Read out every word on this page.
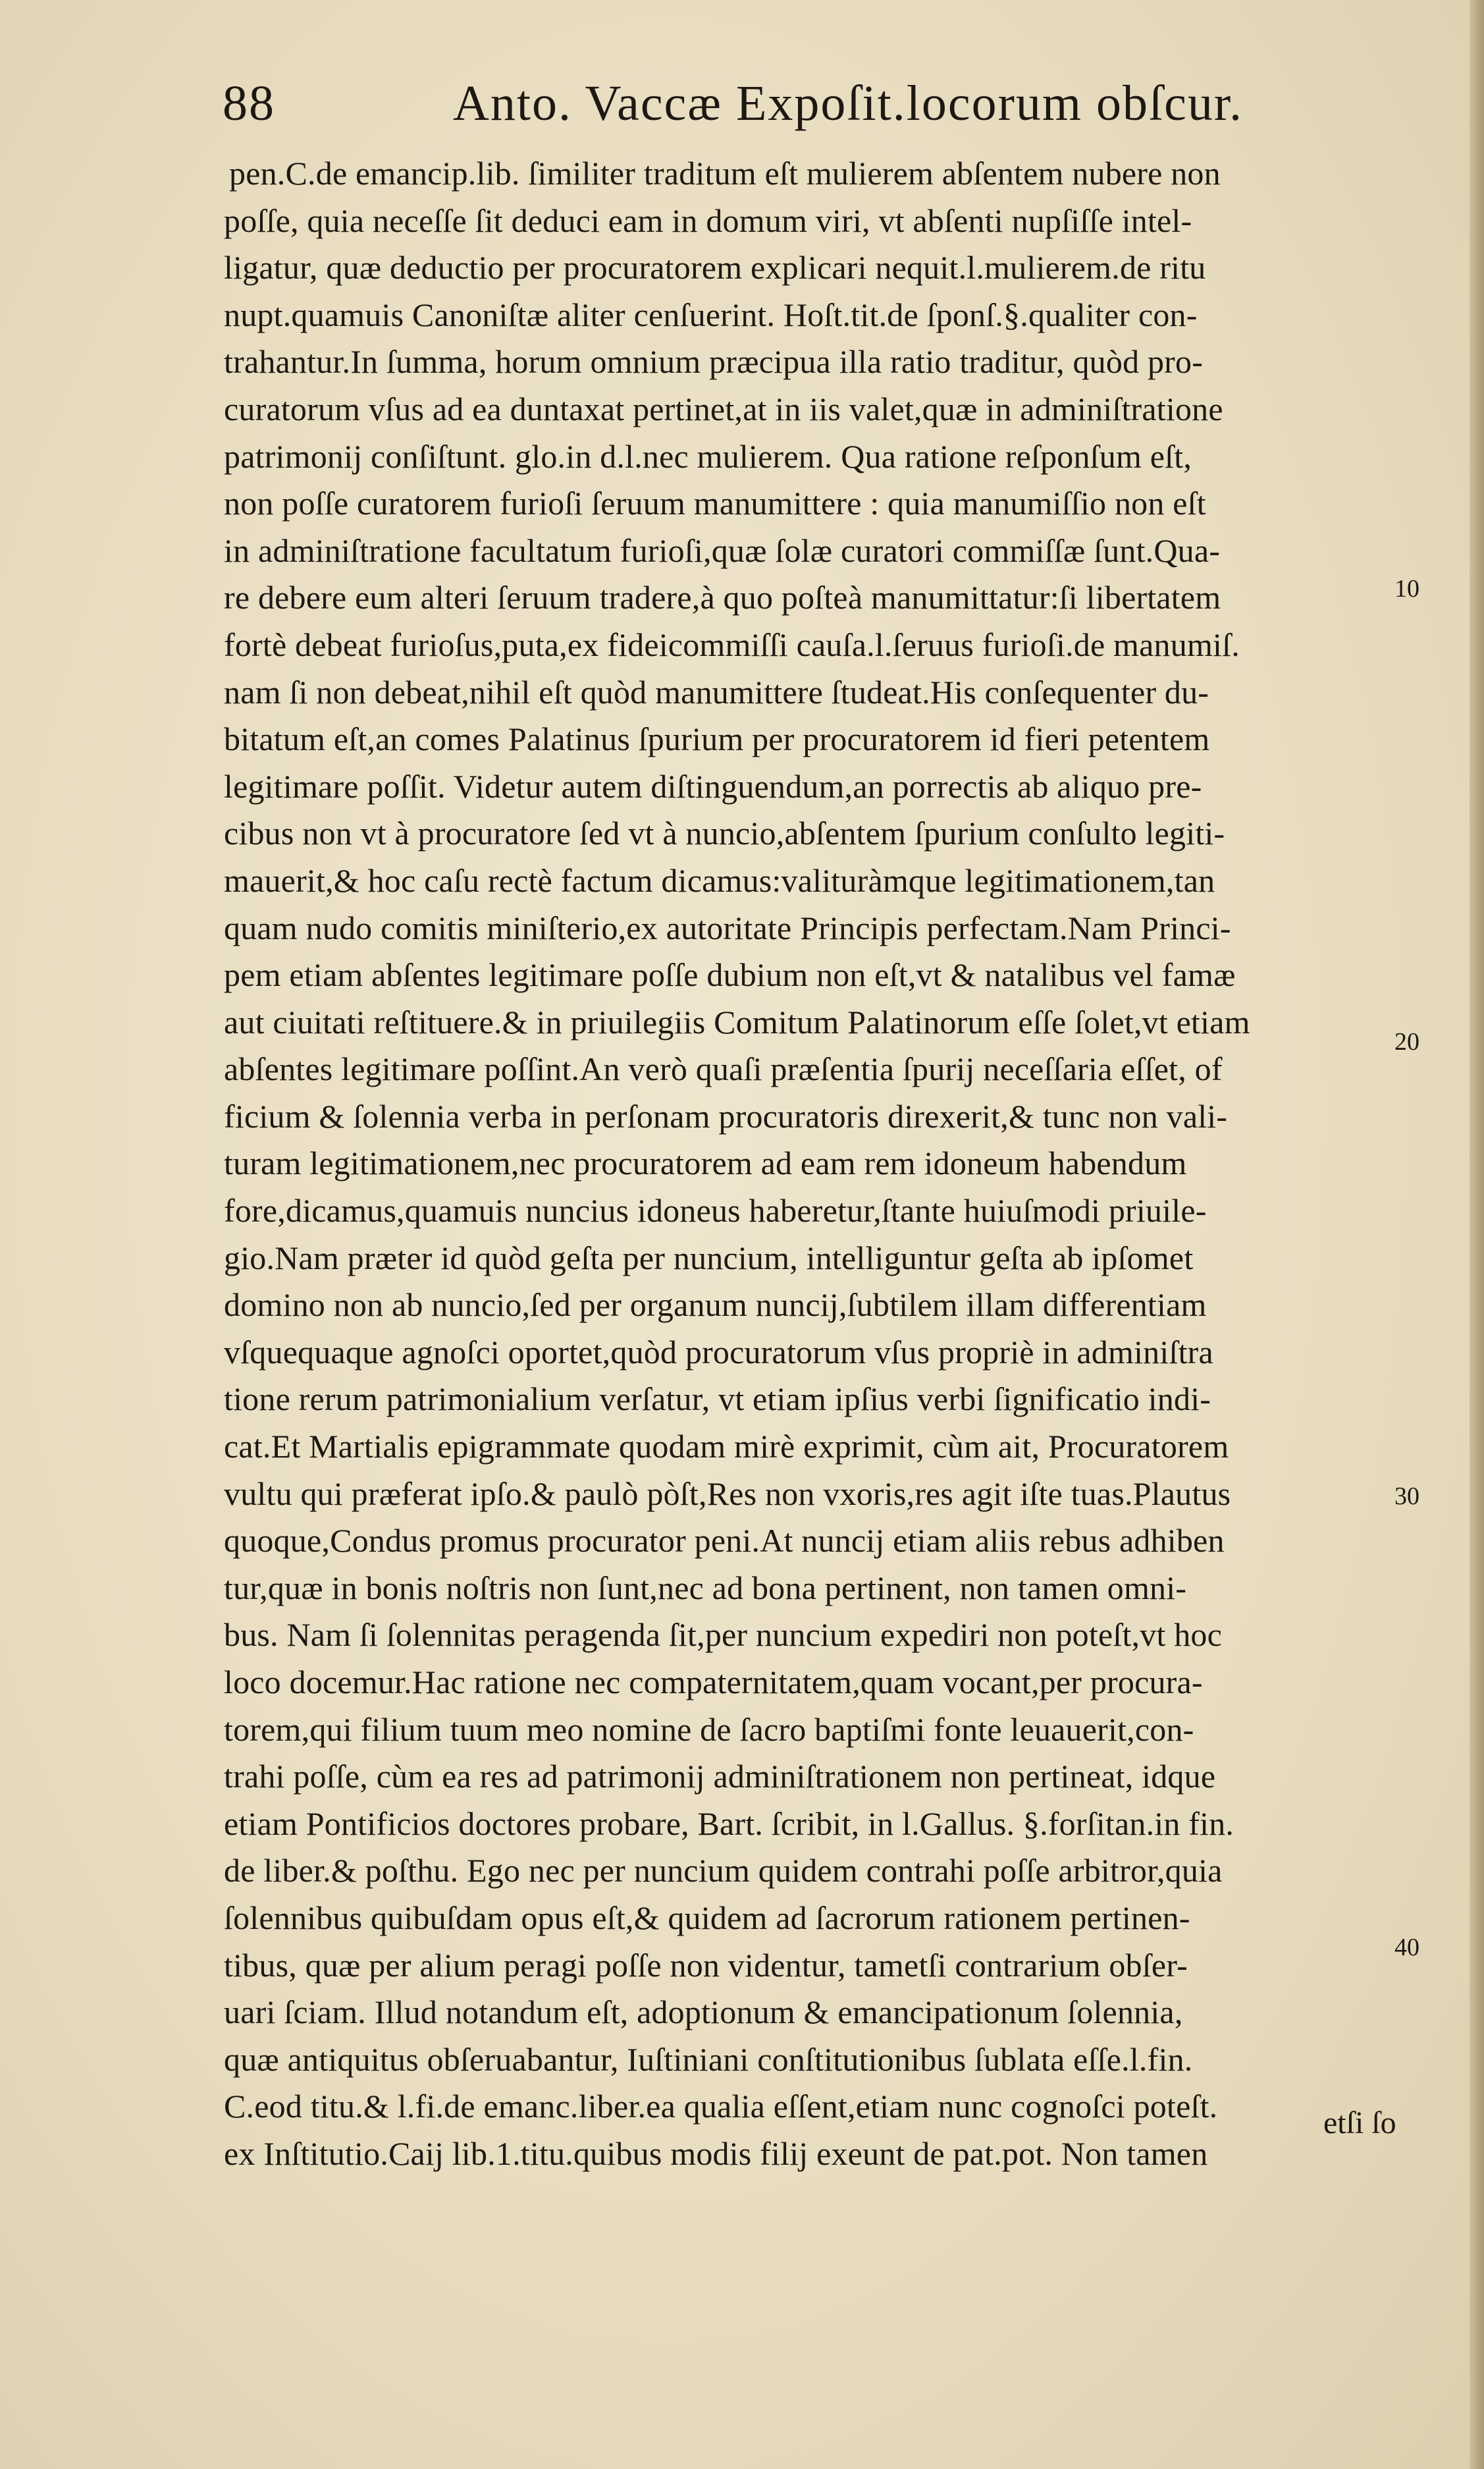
88	Anto. Vaccæ Expoſit.locorum obſcur.
pen.C.de emancip.lib. ſimiliter traditum eſt mulierem abſentem nubere non
poſſe, quia neceſſe ſit deduci eam in domum viri, vt abſenti nupſiſſe intel-
ligatur, quæ deductio per procuratorem explicari nequit.l.mulierem.de ritu
nupt.quamuis Canoniſtæ aliter cenſuerint. Hoſt.tit.de ſponſ.§.qualiter con-
trahantur.In ſumma, horum omnium præcipua illa ratio traditur, quòd pro-
curatorum vſus ad ea duntaxat pertinet,at in iis valet,quæ in adminiſtratione
patrimonij conſiſtunt. glo.in d.l.nec mulierem. Qua ratione reſponſum eſt,
non poſſe curatorem furioſi ſeruum manumittere : quia manumiſſio non eſt
in adminiſtratione facultatum furioſi,quæ ſolæ curatori commiſſæ ſunt.Qua-
re debere eum alteri ſeruum tradere,à quo poſteà manumittatur:ſi libertatem
fortè debeat furioſus,puta,ex fideicommiſſi cauſa.l.ſeruus furioſi.de manumiſ.
nam ſi non debeat,nihil eſt quòd manumittere ſtudeat.His conſequenter du-
bitatum eſt,an comes Palatinus ſpurium per procuratorem id fieri petentem
legitimare poſſit. Videtur autem diſtinguendum,an porrectis ab aliquo pre-
cibus non vt à procuratore ſed vt à nuncio,abſentem ſpurium conſulto legiti-
mauerit,& hoc caſu rectè factum dicamus:valituràmque legitimationem,tan
quam nudo comitis miniſterio,ex autoritate Principis perfectam.Nam Princi-
pem etiam abſentes legitimare poſſe dubium non eſt,vt & natalibus vel famæ
aut ciuitati reſtituere.& in priuilegiis Comitum Palatinorum eſſe ſolet,vt etiam
abſentes legitimare poſſint.An verò quaſi præſentia ſpurij neceſſaria eſſet, of
ficium & ſolennia verba in perſonam procuratoris direxerit,& tunc non vali-
turam legitimationem,nec procuratorem ad eam rem idoneum habendum
fore,dicamus,quamuis nuncius idoneus haberetur,ſtante huiuſmodi priuile-
gio.Nam præter id quòd geſta per nuncium, intelliguntur geſta ab ipſomet
domino non ab nuncio,ſed per organum nuncij,ſubtilem illam differentiam
vſquequaque agnoſci oportet,quòd procuratorum vſus propriè in adminiſtra
tione rerum patrimonialium verſatur, vt etiam ipſius verbi ſignificatio indi-
cat.Et Martialis epigrammate quodam mirè exprimit, cùm ait, Procuratorem
vultu qui præferat ipſo.& paulò pòſt,Res non vxoris,res agit iſte tuas.Plautus
quoque,Condus promus procurator peni.At nuncij etiam aliis rebus adhiben
tur,quæ in bonis noſtris non ſunt,nec ad bona pertinent, non tamen omni-
bus. Nam ſi ſolennitas peragenda ſit,per nuncium expediri non poteſt,vt hoc
loco docemur.Hac ratione nec compaternitatem,quam vocant,per procura-
torem,qui filium tuum meo nomine de ſacro baptiſmi fonte leuauerit,con-
trahi poſſe, cùm ea res ad patrimonij adminiſtrationem non pertineat, idque
etiam Pontificios doctores probare, Bart. ſcribit, in l.Gallus. §.forſitan.in fin.
de liber.& poſthu. Ego nec per nuncium quidem contrahi poſſe arbitror,quia
ſolennibus quibuſdam opus eſt,& quidem ad ſacrorum rationem pertinen-
tibus, quæ per alium peragi poſſe non videntur, tametſi contrarium obſer-
uari ſciam. Illud notandum eſt, adoptionum & emancipationum ſolennia,
quæ antiquitus obſeruabantur, Iuſtiniani conſtitutionibus ſublata eſſe.l.fin.
C.eod titu.& l.fi.de emanc.liber.ea qualia eſſent,etiam nunc cognoſci poteſt.
ex Inſtitutio.Caij lib.1.titu.quibus modis filij exeunt de pat.pot. Non tamen
etſi ſo
10
20
30
40
